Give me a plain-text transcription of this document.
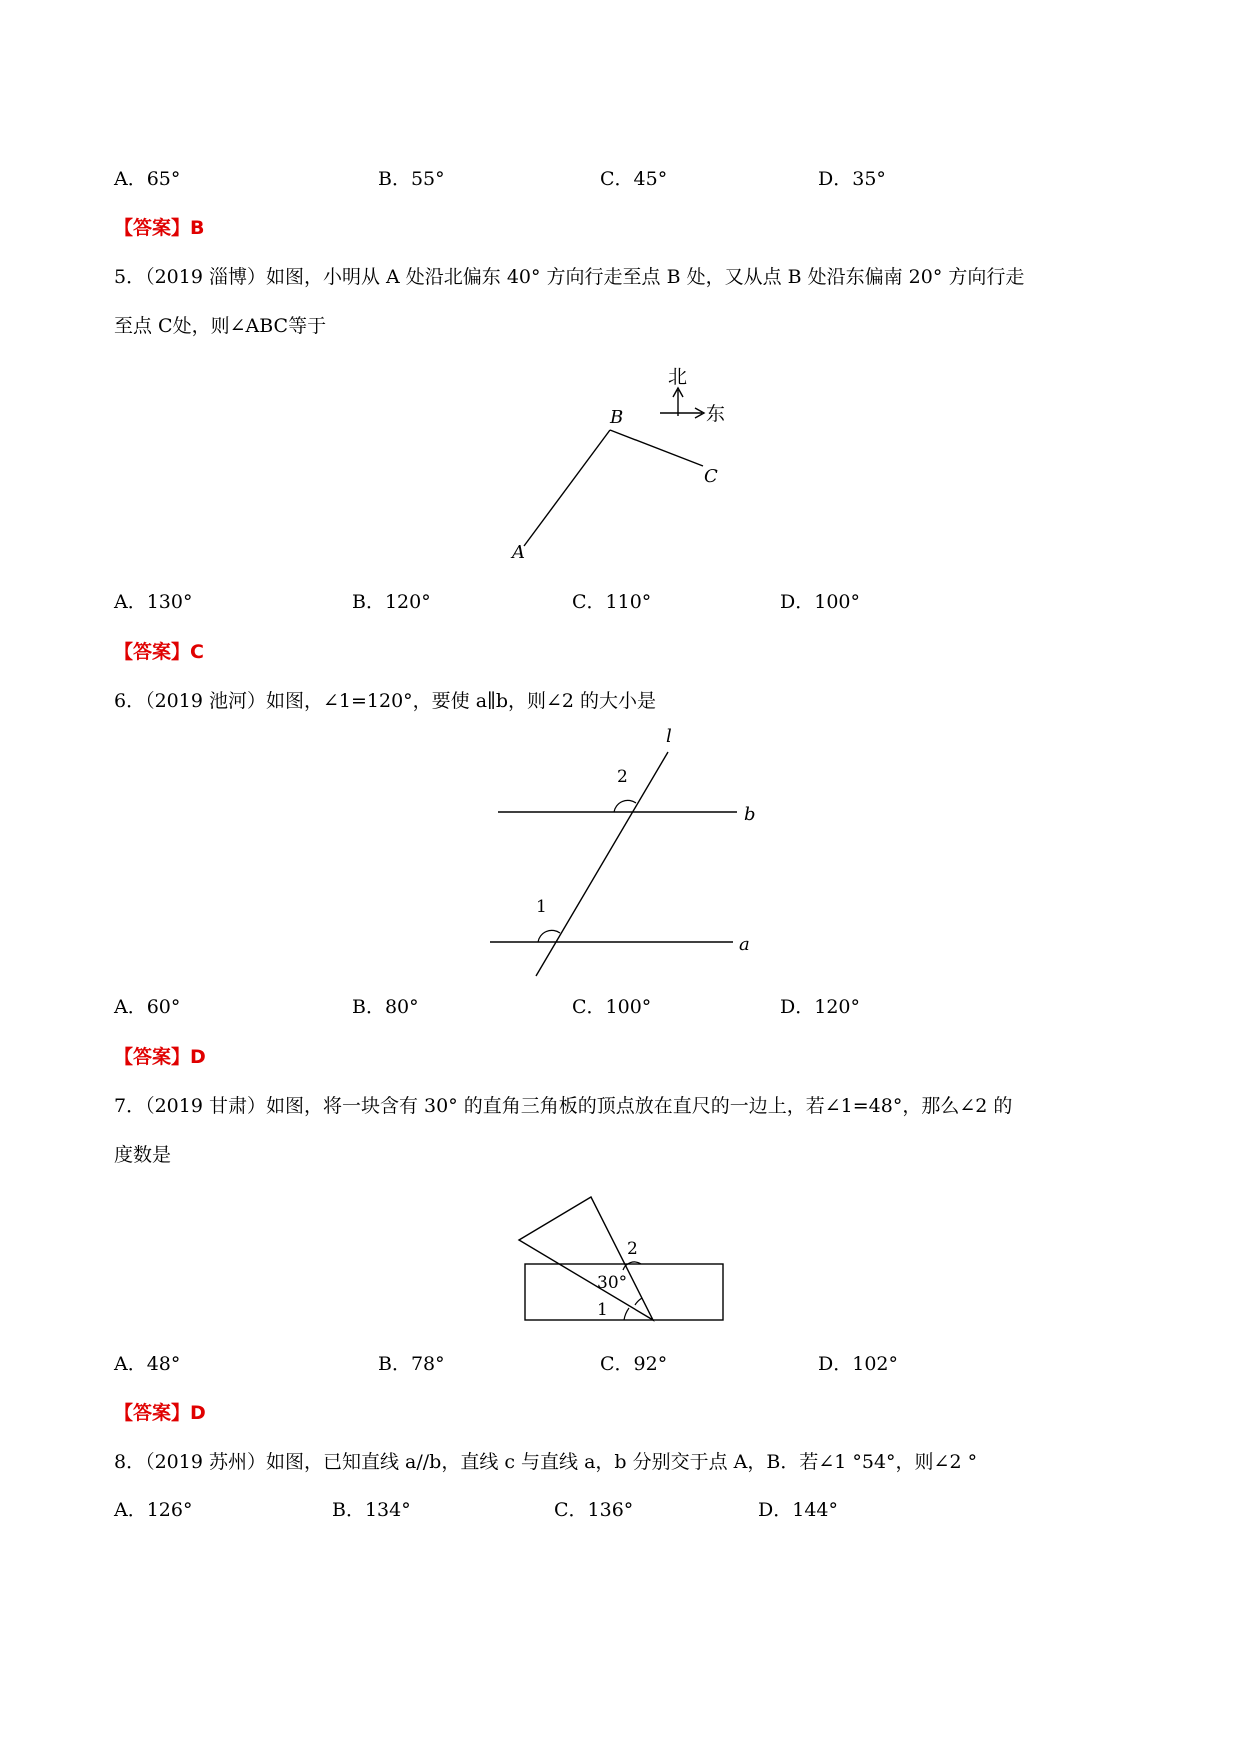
A．65°	B．55°	C．45°	D．35°
【答案】B
5．（2019 淄博）如图，小明从 A 处沿北偏东 40° 方向行走至点 B 处，又从点 B 处沿东偏南 20° 方向行走
至点 C处，则∠ABC等于
北
东
B
C
A
A．130°	B．120°	C．110°	D．100°
【答案】C
6．（2019 池河）如图，∠1=120°，要使 a∥b，则∠2 的大小是
l
b
a
2
1
A．60°	B．80°	C．100°	D．120°
【答案】D
7．（2019 甘肃）如图，将一块含有 30° 的直角三角板的顶点放在直尺的一边上，若∠1=48°，那么∠2 的
度数是
30°
1
2
A．48°	B．78°	C．92°	D．102°
【答案】D
8．（2019 苏州）如图，已知直线 a//b，直线 c 与直线 a，b 分别交于点 A，B．若∠1 °54°，则∠2 °
A．126°	B．134°	C．136°	D．144°
